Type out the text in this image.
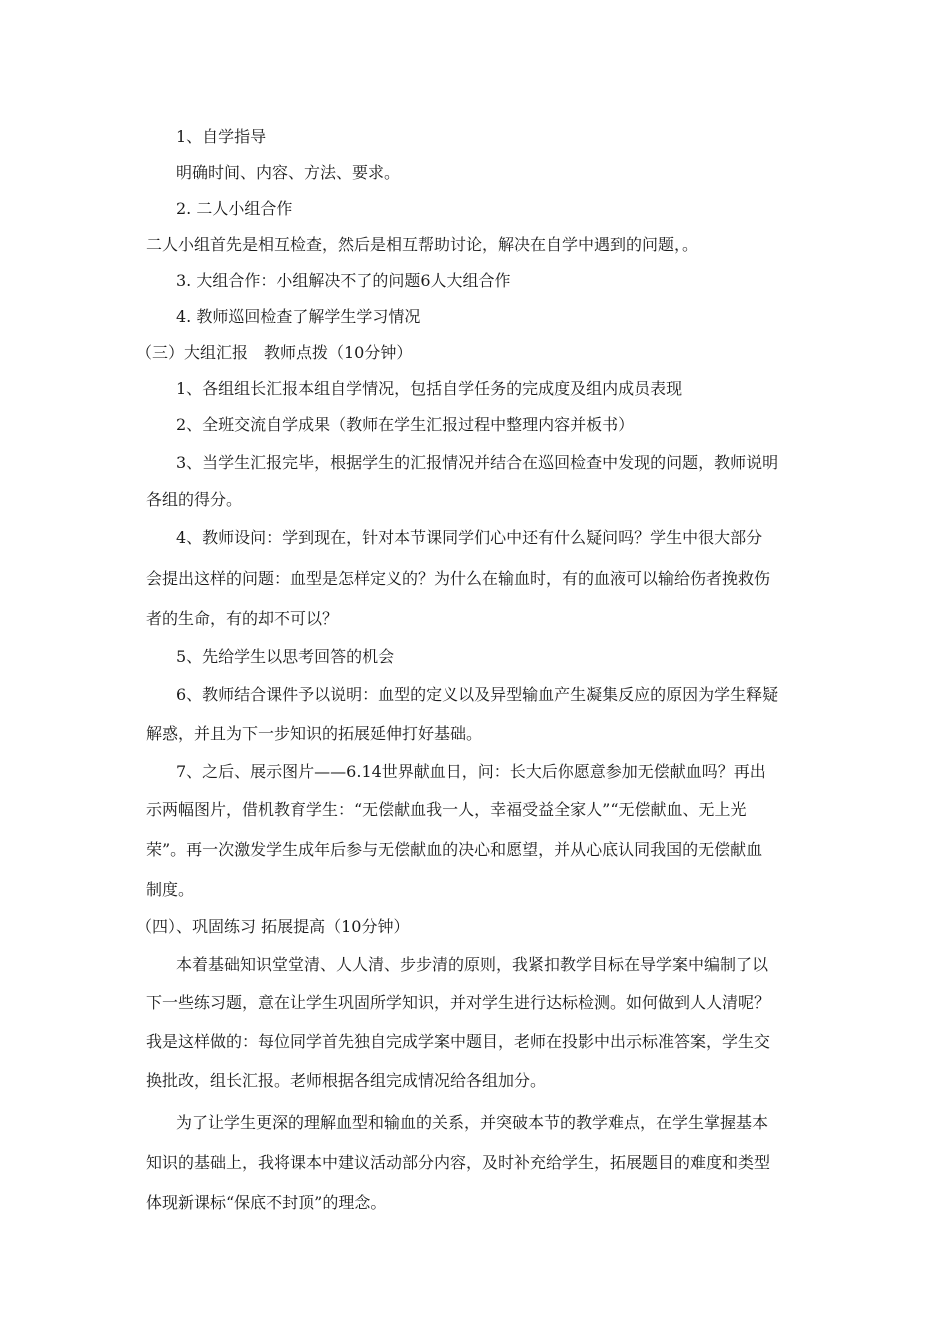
1、自学指导
明确时间、内容、方法、要求。
2. 二人小组合作
二人小组首先是相互检查，然后是相互帮助讨论，解决在自学中遇到的问题，。
3. 大组合作：小组解决不了的问题6人大组合作
4. 教师巡回检查了解学生学习情况
（三）大组汇报　教师点拨（10分钟）
1、各组组长汇报本组自学情况，包括自学任务的完成度及组内成员表现
2、全班交流自学成果（教师在学生汇报过程中整理内容并板书）
3、当学生汇报完毕，根据学生的汇报情况并结合在巡回检查中发现的问题，教师说明
各组的得分。
4、教师设问：学到现在，针对本节课同学们心中还有什么疑问吗？学生中很大部分
会提出这样的问题：血型是怎样定义的？为什么在输血时，有的血液可以输给伤者挽救伤
者的生命，有的却不可以？
5、先给学生以思考回答的机会
6、教师结合课件予以说明：血型的定义以及异型输血产生凝集反应的原因为学生释疑
解惑，并且为下一步知识的拓展延伸打好基础。
7、之后、展示图片——6.14世界献血日，问：长大后你愿意参加无偿献血吗？再出
示两幅图片，借机教育学生：“无偿献血我一人，幸福受益全家人”“无偿献血、无上光
荣”。再一次激发学生成年后参与无偿献血的决心和愿望，并从心底认同我国的无偿献血
制度。
（四）、巩固练习 拓展提高（10分钟）
本着基础知识堂堂清、人人清、步步清的原则，我紧扣教学目标在导学案中编制了以
下一些练习题，意在让学生巩固所学知识，并对学生进行达标检测。如何做到人人清呢？
我是这样做的：每位同学首先独自完成学案中题目，老师在投影中出示标准答案，学生交
换批改，组长汇报。老师根据各组完成情况给各组加分。
为了让学生更深的理解血型和输血的关系，并突破本节的教学难点，在学生掌握基本
知识的基础上，我将课本中建议活动部分内容，及时补充给学生，拓展题目的难度和类型
体现新课标“保底不封顶”的理念。
